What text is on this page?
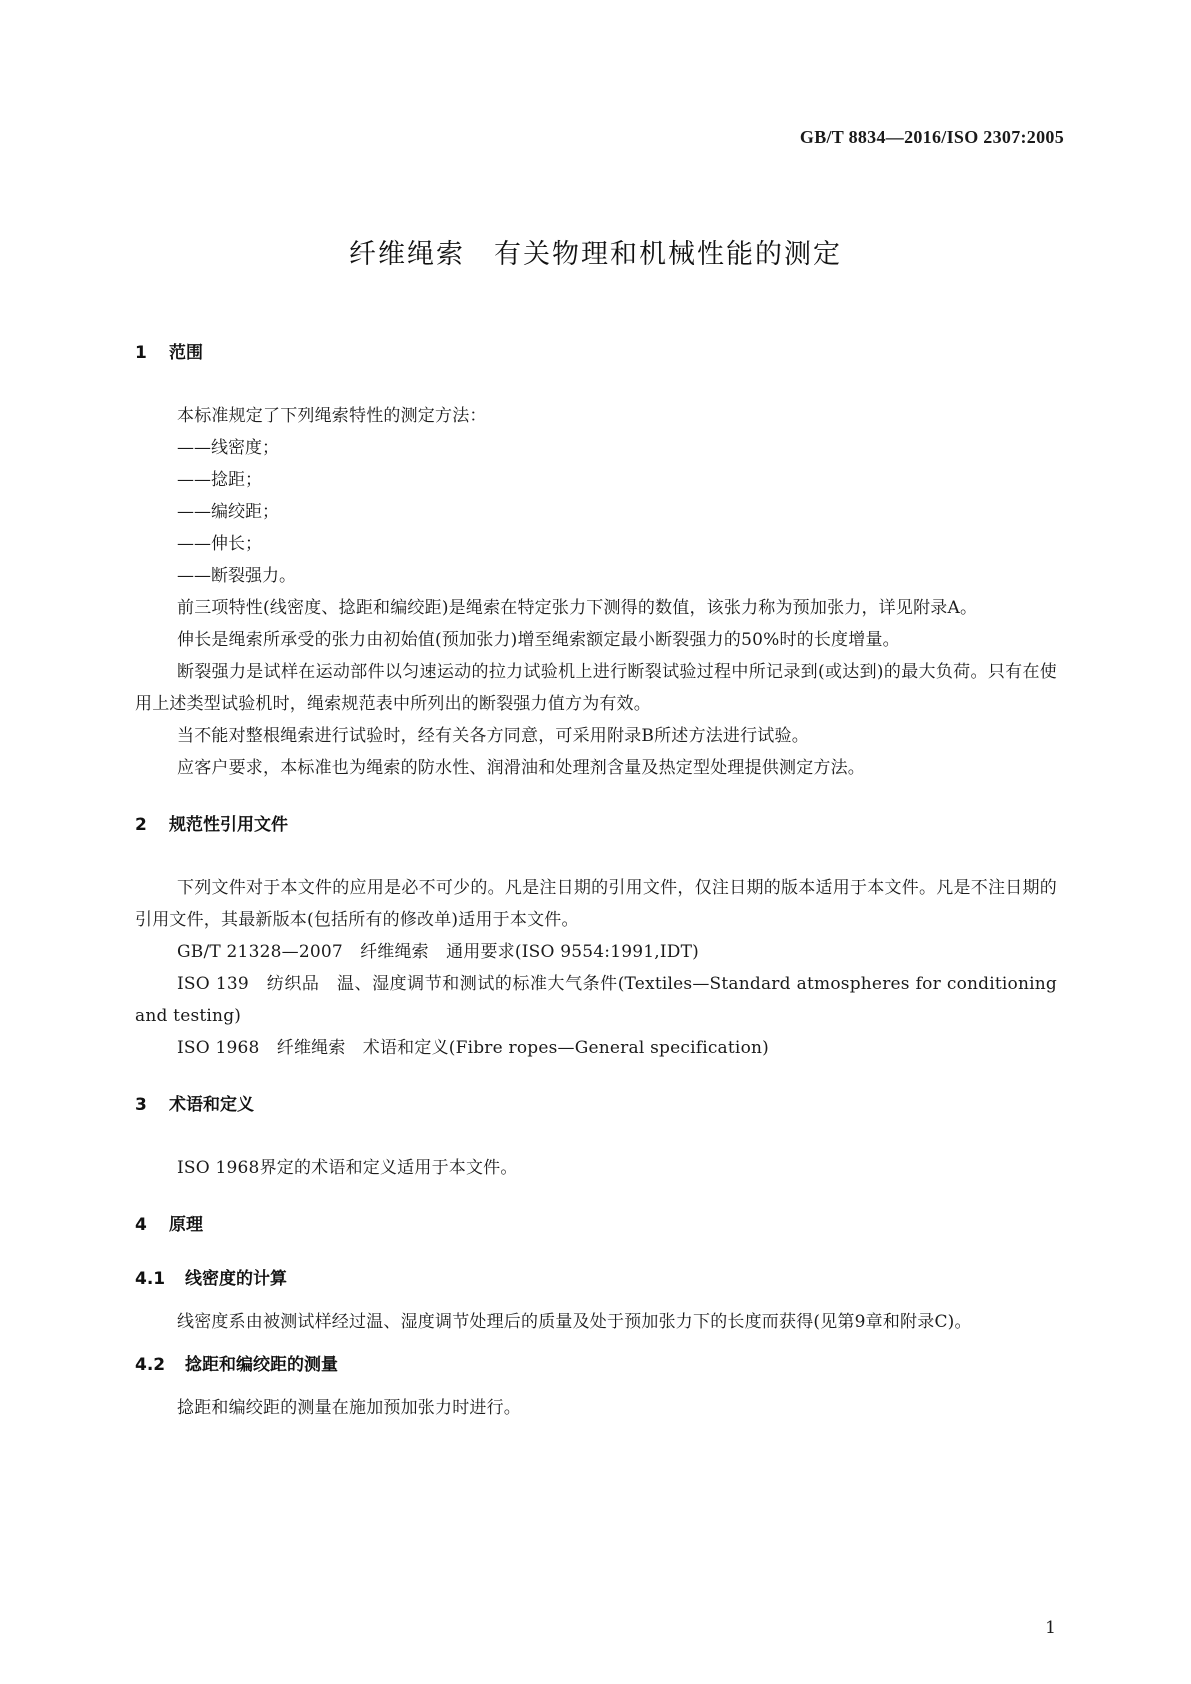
GB/T 8834—2016/ISO 2307:2005
纤维绳索　有关物理和机械性能的测定
1 范围

本标准规定了下列绳索特性的测定方法：

——线密度；

——捻距；

——编绞距；

——伸长；

——断裂强力。

前三项特性(线密度、捻距和编绞距)是绳索在特定张力下测得的数值，该张力称为预加张力，详见附录A。

伸长是绳索所承受的张力由初始值(预加张力)增至绳索额定最小断裂强力的50%时的长度增量。

断裂强力是试样在运动部件以匀速运动的拉力试验机上进行断裂试验过程中所记录到(或达到)的最大负荷。只有在使用上述类型试验机时，绳索规范表中所列出的断裂强力值方为有效。

当不能对整根绳索进行试验时，经有关各方同意，可采用附录B所述方法进行试验。

应客户要求，本标准也为绳索的防水性、润滑油和处理剂含量及热定型处理提供测定方法。

2 规范性引用文件

下列文件对于本文件的应用是必不可少的。凡是注日期的引用文件，仅注日期的版本适用于本文件。凡是不注日期的引用文件，其最新版本(包括所有的修改单)适用于本文件。

GB/T 21328—2007　纤维绳索　通用要求(ISO 9554:1991,IDT)

ISO 139　纺织品　温、湿度调节和测试的标准大气条件(Textiles—Standard atmospheres for conditioning and testing)

ISO 1968　纤维绳索　术语和定义(Fibre ropes—General specification)

3 术语和定义

ISO 1968界定的术语和定义适用于本文件。

4 原理
4.1 线密度的计算

线密度系由被测试样经过温、湿度调节处理后的质量及处于预加张力下的长度而获得(见第9章和附录C)。

4.2 捻距和编绞距的测量

捻距和编绞距的测量在施加预加张力时进行。

1
